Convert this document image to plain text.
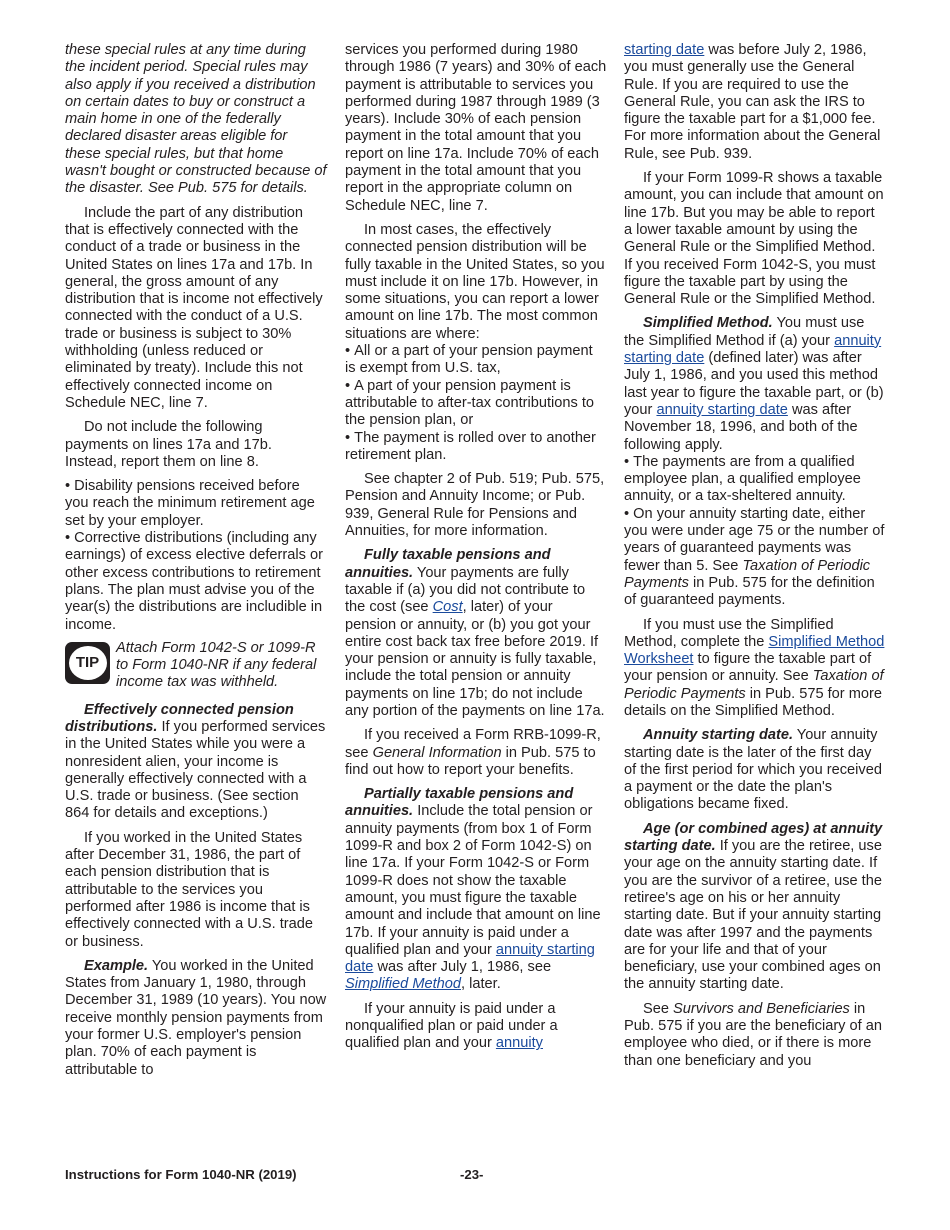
these special rules at any time during the incident period. Special rules may also apply if you received a distribution on certain dates to buy or construct a main home in one of the federally declared disaster areas eligible for these special rules, but that home wasn't bought or constructed because of the disaster. See Pub. 575 for details.

Include the part of any distribution that is effectively connected with the conduct of a trade or business in the United States on lines 17a and 17b. In general, the gross amount of any distribution that is income not effectively connected with the conduct of a U.S. trade or business is subject to 30% withholding (unless reduced or eliminated by treaty). Include this not effectively connected income on Schedule NEC, line 7.

Do not include the following payments on lines 17a and 17b. Instead, report them on line 8.

• Disability pensions received before you reach the minimum retirement age set by your employer.
• Corrective distributions (including any earnings) of excess elective deferrals or other excess contributions to retirement plans. The plan must advise you of the year(s) the distributions are includible in income.
TIP
Attach Form 1042-S or 1099-R to Form 1040-NR if any federal income tax was withheld.

Effectively connected pension distributions. If you performed services in the United States while you were a nonresident alien, your income is generally effectively connected with a U.S. trade or business. (See section 864 for details and exceptions.)

If you worked in the United States after December 31, 1986, the part of each pension distribution that is attributable to the services you performed after 1986 is income that is effectively connected with a U.S. trade or business.

Example. You worked in the United States from January 1, 1980, through December 31, 1989 (10 years). You now receive monthly pension payments from your former U.S. employer's pension plan. 70% of each payment is attributable to

services you performed during 1980 through 1986 (7 years) and 30% of each payment is attributable to services you performed during 1987 through 1989 (3 years). Include 30% of each pension payment in the total amount that you report on line 17a. Include 70% of each payment in the total amount that you report in the appropriate column on Schedule NEC, line 7.

In most cases, the effectively connected pension distribution will be fully taxable in the United States, so you must include it on line 17b. However, in some situations, you can report a lower amount on line 17b. The most common situations are where:

• All or a part of your pension payment is exempt from U.S. tax,
• A part of your pension payment is attributable to after-tax contributions to the pension plan, or
• The payment is rolled over to another retirement plan.

See chapter 2 of Pub. 519; Pub. 575, Pension and Annuity Income; or Pub. 939, General Rule for Pensions and Annuities, for more information.

Fully taxable pensions and annuities. Your payments are fully taxable if (a) you did not contribute to the cost (see Cost, later) of your pension or annuity, or (b) you got your entire cost back tax free before 2019. If your pension or annuity is fully taxable, include the total pension or annuity payments on line 17b; do not include any portion of the payments on line 17a.

If you received a Form RRB-1099-R, see General Information in Pub. 575 to find out how to report your benefits.

Partially taxable pensions and annuities. Include the total pension or annuity payments (from box 1 of Form 1099-R and box 2 of Form 1042-S) on line 17a. If your Form 1042-S or Form 1099-R does not show the taxable amount, you must figure the taxable amount and include that amount on line 17b. If your annuity is paid under a qualified plan and your annuity starting date was after July 1, 1986, see Simplified Method, later.

If your annuity is paid under a nonqualified plan or paid under a qualified plan and your annuity

starting date was before July 2, 1986, you must generally use the General Rule. If you are required to use the General Rule, you can ask the IRS to figure the taxable part for a $1,000 fee. For more information about the General Rule, see Pub. 939.

If your Form 1099-R shows a taxable amount, you can include that amount on line 17b. But you may be able to report a lower taxable amount by using the General Rule or the Simplified Method. If you received Form 1042-S, you must figure the taxable part by using the General Rule or the Simplified Method.

Simplified Method. You must use the Simplified Method if (a) your annuity starting date (defined later) was after July 1, 1986, and you used this method last year to figure the taxable part, or (b) your annuity starting date was after November 18, 1996, and both of the following apply.

• The payments are from a qualified employee plan, a qualified employee annuity, or a tax-sheltered annuity.
• On your annuity starting date, either you were under age 75 or the number of years of guaranteed payments was fewer than 5. See Taxation of Periodic Payments in Pub. 575 for the definition of guaranteed payments.

If you must use the Simplified Method, complete the Simplified Method Worksheet to figure the taxable part of your pension or annuity. See Taxation of Periodic Payments in Pub. 575 for more details on the Simplified Method.

Annuity starting date. Your annuity starting date is the later of the first day of the first period for which you received a payment or the date the plan's obligations became fixed.

Age (or combined ages) at annuity starting date. If you are the retiree, use your age on the annuity starting date. If you are the survivor of a retiree, use the retiree's age on his or her annuity starting date. But if your annuity starting date was after 1997 and the payments are for your life and that of your beneficiary, use your combined ages on the annuity starting date.

See Survivors and Beneficiaries in Pub. 575 if you are the beneficiary of an employee who died, or if there is more than one beneficiary and you

Instructions for Form 1040-NR (2019)	-23-
